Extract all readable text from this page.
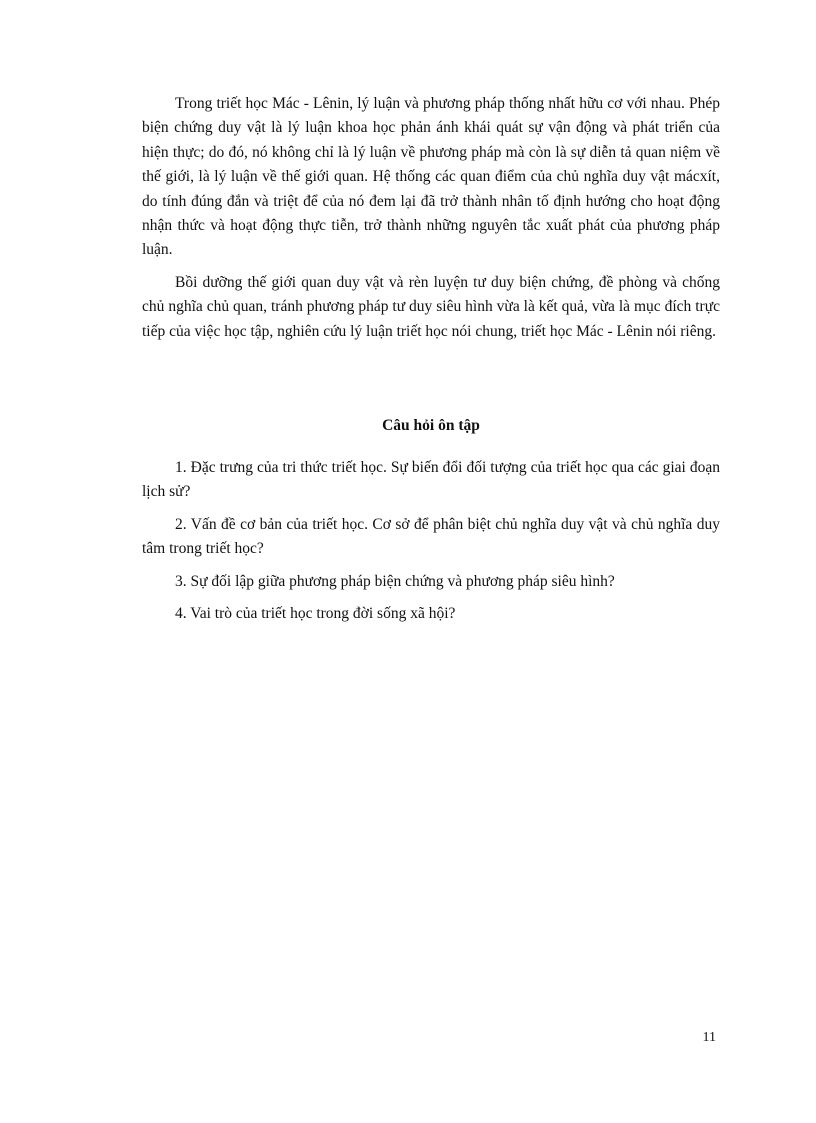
Trong triết học Mác - Lênin, lý luận và phương pháp thống nhất hữu cơ với nhau. Phép biện chứng duy vật là lý luận khoa học phản ánh khái quát sự vận động và phát triển của hiện thực; do đó, nó không chỉ là lý luận về phương pháp mà còn là sự diễn tả quan niệm về thế giới, là lý luận về thế giới quan. Hệ thống các quan điểm của chủ nghĩa duy vật mácxít, do tính đúng đắn và triệt để của nó đem lại đã trở thành nhân tố định hướng cho hoạt động nhận thức và hoạt động thực tiễn, trở thành những nguyên tắc xuất phát của phương pháp luận.

Bồi dưỡng thế giới quan duy vật và rèn luyện tư duy biện chứng, đề phòng và chống chủ nghĩa chủ quan, tránh phương pháp tư duy siêu hình vừa là kết quả, vừa là mục đích trực tiếp của việc học tập, nghiên cứu lý luận triết học nói chung, triết học Mác - Lênin nói riêng.

Câu hỏi ôn tập

1. Đặc trưng của tri thức triết học. Sự biến đổi đối tượng của triết học qua các giai đoạn lịch sử?

2. Vấn đề cơ bản của triết học. Cơ sở để phân biệt chủ nghĩa duy vật và chủ nghĩa duy tâm trong triết học?

3. Sự đối lập giữa phương pháp biện chứng và phương pháp siêu hình?

4. Vai trò của triết học trong đời sống xã hội?

11
